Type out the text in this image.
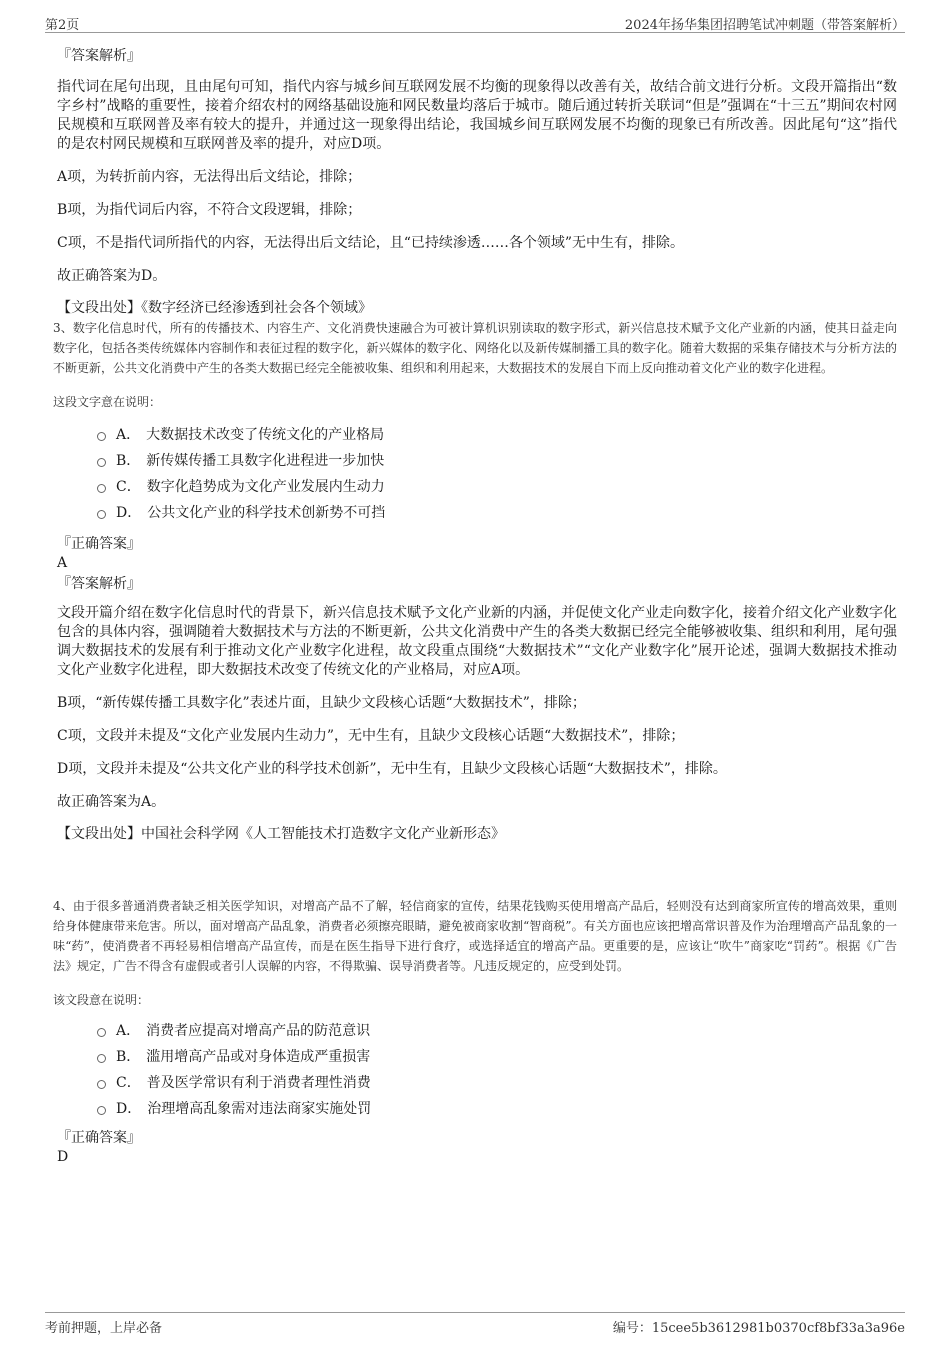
第2页	2024年扬华集团招聘笔试冲刺题（带答案解析）

『答案解析』

指代词在尾句出现，且由尾句可知，指代内容与城乡间互联网发展不均衡的现象得以改善有关，故结合前文进行分析。文段开篇指出“数字乡村”战略的重要性，接着介绍农村的网络基础设施和网民数量均落后于城市。随后通过转折关联词“但是”强调在“十三五”期间农村网民规模和互联网普及率有较大的提升，并通过这一现象得出结论，我国城乡间互联网发展不均衡的现象已有所改善。因此尾句“这”指代的是农村网民规模和互联网普及率的提升，对应D项。

A项，为转折前内容，无法得出后文结论，排除；

B项，为指代词后内容，不符合文段逻辑，排除；

C项，不是指代词所指代的内容，无法得出后文结论，且“已持续渗透……各个领域”无中生有，排除。

故正确答案为D。

【文段出处】《数字经济已经渗透到社会各个领域》

3、数字化信息时代，所有的传播技术、内容生产、文化消费快速融合为可被计算机识别读取的数字形式，新兴信息技术赋予文化产业新的内涵，使其日益走向数字化，包括各类传统媒体内容制作和表征过程的数字化，新兴媒体的数字化、网络化以及新传媒制播工具的数字化。随着大数据的采集存储技术与分析方法的不断更新，公共文化消费中产生的各类大数据已经完全能被收集、组织和利用起来，大数据技术的发展自下而上反向推动着文化产业的数字化进程。

这段文字意在说明：

A． 大数据技术改变了传统文化的产业格局
B． 新传媒传播工具数字化进程进一步加快
C． 数字化趋势成为文化产业发展内生动力
D． 公共文化产业的科学技术创新势不可挡

『正确答案』

A

『答案解析』

文段开篇介绍在数字化信息时代的背景下，新兴信息技术赋予文化产业新的内涵，并促使文化产业走向数字化，接着介绍文化产业数字化包含的具体内容，强调随着大数据技术与方法的不断更新，公共文化消费中产生的各类大数据已经完全能够被收集、组织和利用，尾句强调大数据技术的发展有利于推动文化产业数字化进程，故文段重点围绕“大数据技术”“文化产业数字化”展开论述，强调大数据技术推动文化产业数字化进程，即大数据技术改变了传统文化的产业格局，对应A项。

B项，“新传媒传播工具数字化”表述片面，且缺少文段核心话题“大数据技术”，排除；

C项，文段并未提及“文化产业发展内生动力”，无中生有，且缺少文段核心话题“大数据技术”，排除；

D项，文段并未提及“公共文化产业的科学技术创新”，无中生有，且缺少文段核心话题“大数据技术”，排除。

故正确答案为A。

【文段出处】中国社会科学网《人工智能技术打造数字文化产业新形态》

4、由于很多普通消费者缺乏相关医学知识，对增高产品不了解，轻信商家的宣传，结果花钱购买使用增高产品后，轻则没有达到商家所宣传的增高效果，重则给身体健康带来危害。所以，面对增高产品乱象，消费者必须擦亮眼睛，避免被商家收割“智商税”。有关方面也应该把增高常识普及作为治理增高产品乱象的一味“药”，使消费者不再轻易相信增高产品宣传，而是在医生指导下进行食疗，或选择适宜的增高产品。更重要的是，应该让“吹牛”商家吃“罚药”。根据《广告法》规定，广告不得含有虚假或者引人误解的内容，不得欺骗、误导消费者等。凡违反规定的，应受到处罚。

该文段意在说明：

A． 消费者应提高对增高产品的防范意识
B． 滥用增高产品或对身体造成严重损害
C． 普及医学常识有利于消费者理性消费
D． 治理增高乱象需对违法商家实施处罚

『正确答案』

D

考前押题，上岸必备	编号：15cee5b3612981b0370cf8bf33a3a96e
